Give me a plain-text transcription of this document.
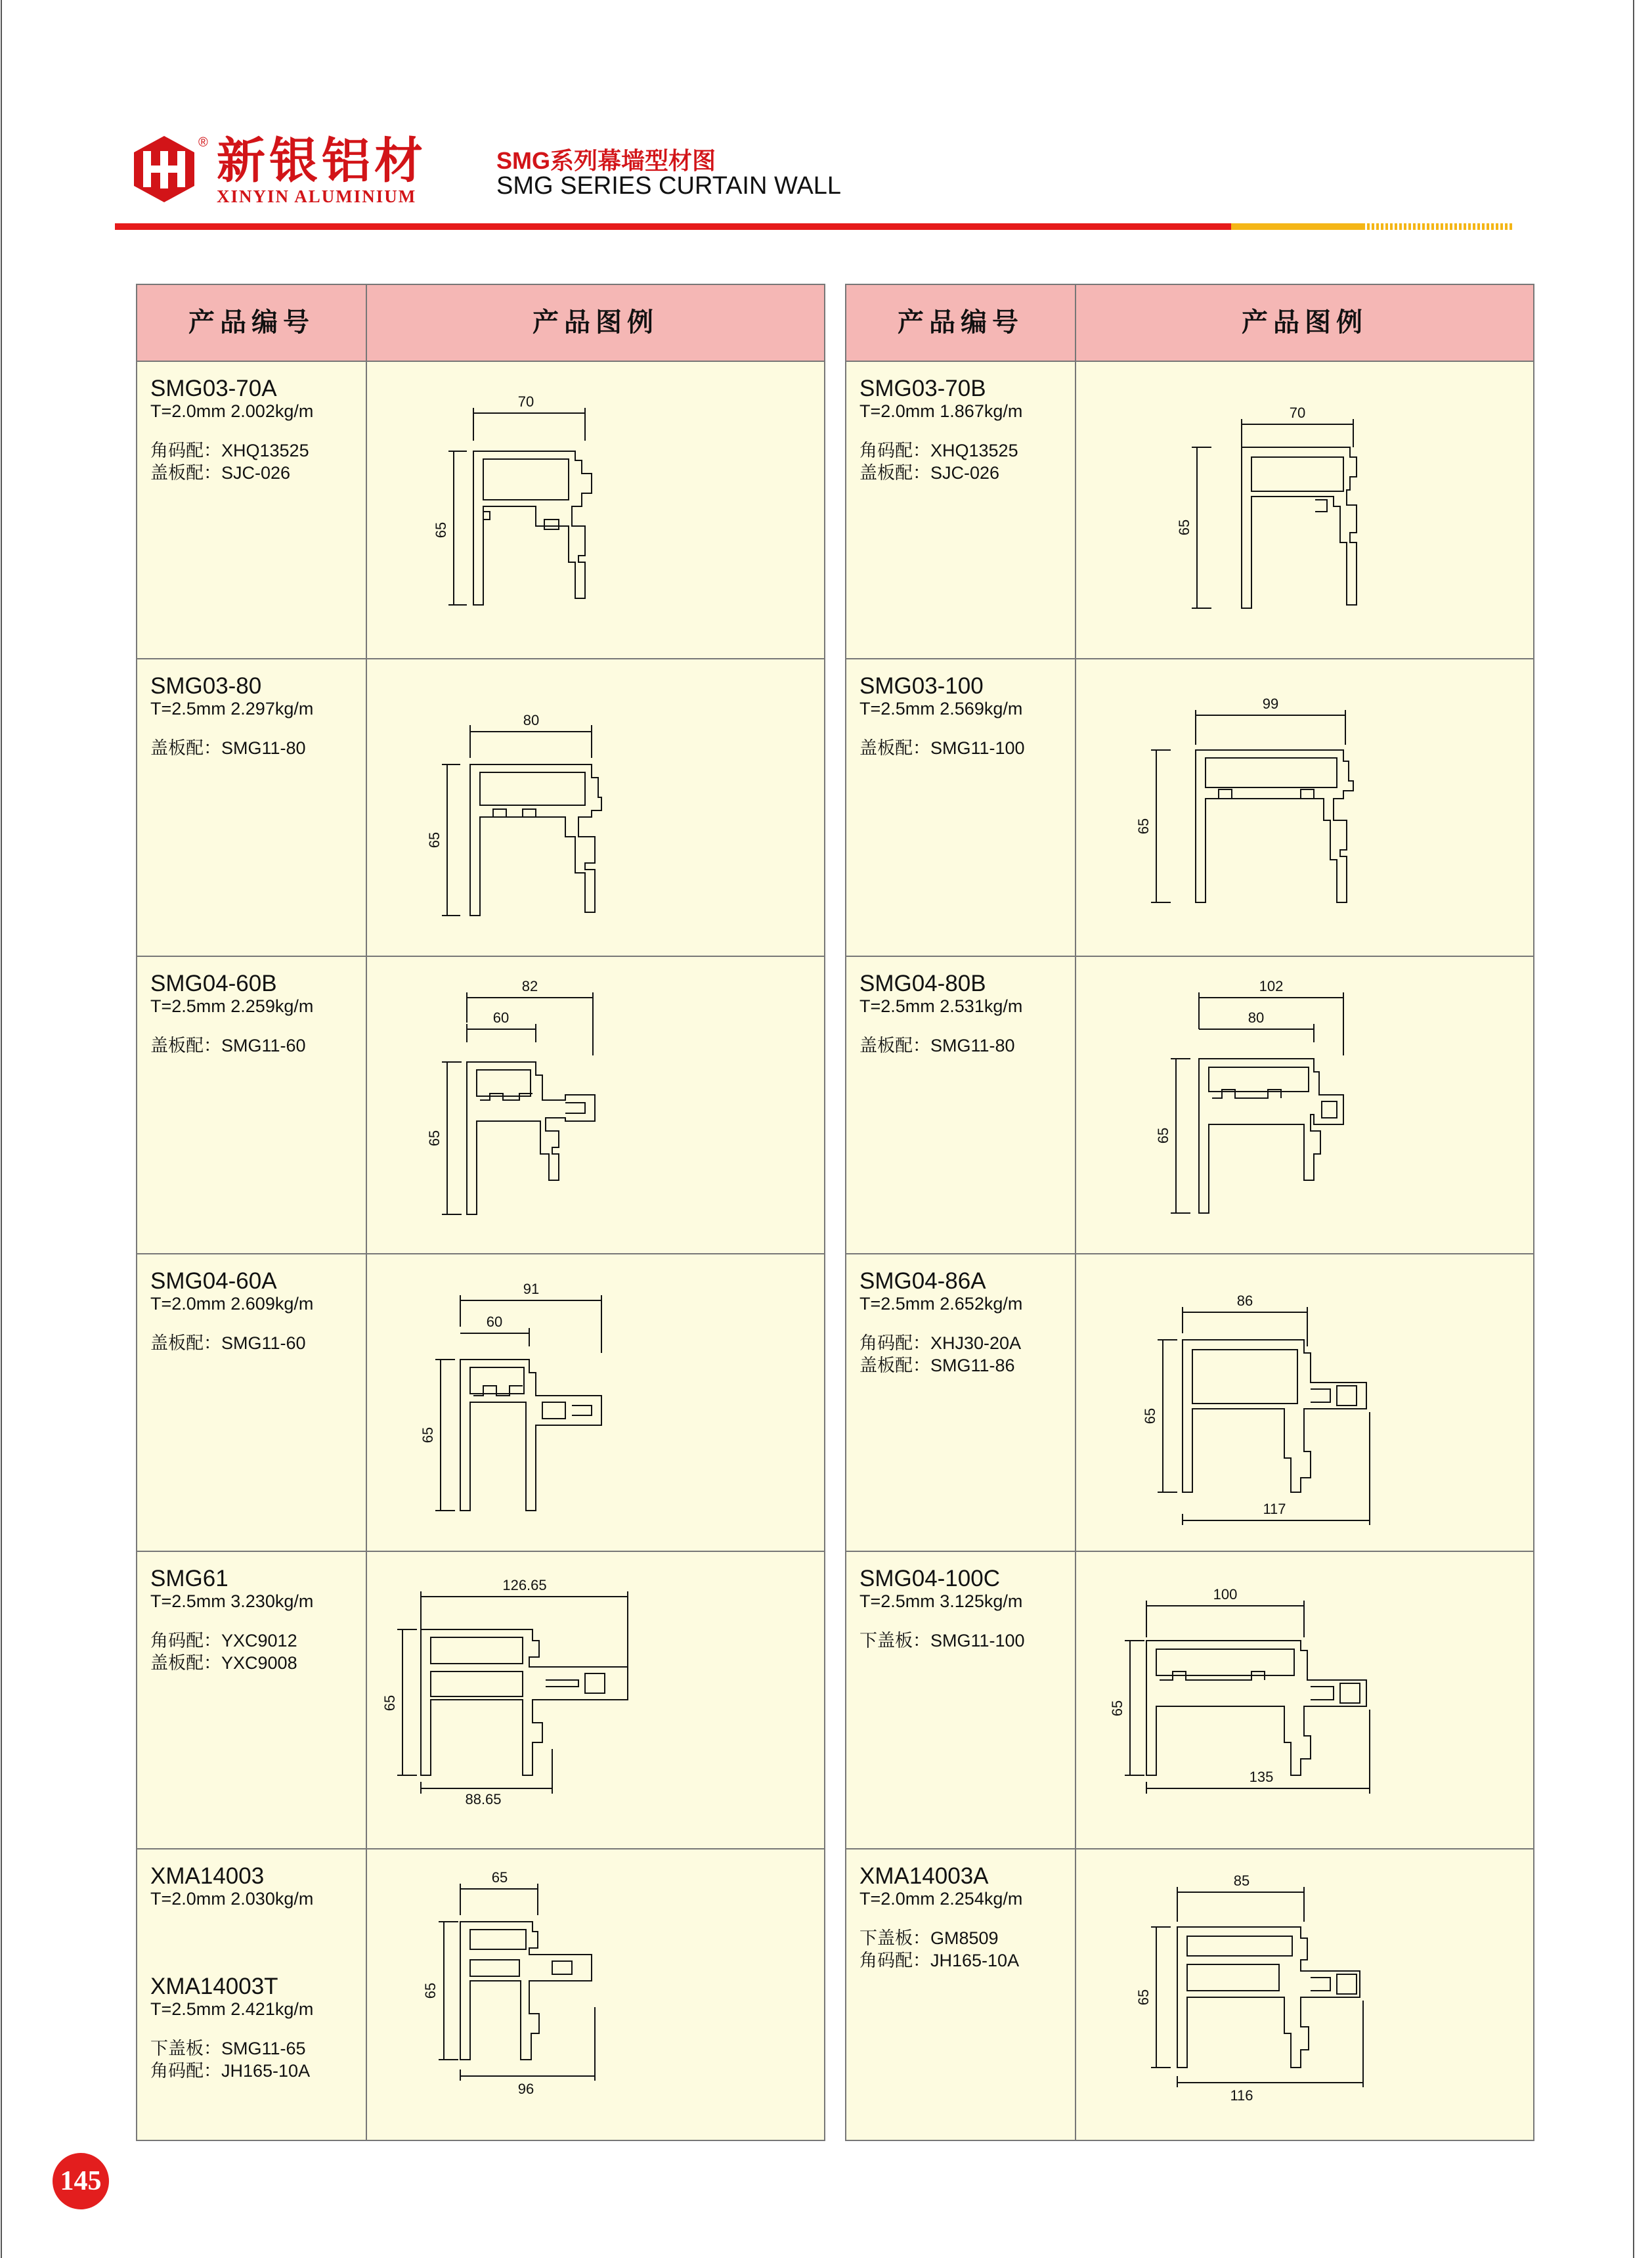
® 新银铝材
XINYIN ALUMINIUM
SMG系列幕墙型材图
SMG SERIES CURTAIN WALL
产品编号	产品图例
SMG03-70A
T=2.0mm 2.002kg/m
角码配：XHQ13525
盖板配：SJC-026
70
65
SMG03-80
T=2.5mm 2.297kg/m
盖板配：SMG11-80
80
65
SMG04-60B
T=2.5mm 2.259kg/m
盖板配：SMG11-60
82
60
65
SMG04-60A
T=2.0mm 2.609kg/m
盖板配：SMG11-60
91
60
65
SMG61
T=2.5mm 3.230kg/m
角码配：YXC9012
盖板配：YXC9008
126.65
65
88.65
XMA14003
T=2.0mm 2.030kg/m
XMA14003T
T=2.5mm 2.421kg/m
下盖板：SMG11-65
角码配：JH165-10A
65
65
96
产品编号	产品图例
SMG03-70B
T=2.0mm 1.867kg/m
角码配：XHQ13525
盖板配：SJC-026
70
65
SMG03-100
T=2.5mm 2.569kg/m
盖板配：SMG11-100
99
65
SMG04-80B
T=2.5mm 2.531kg/m
盖板配：SMG11-80
102
80
65
SMG04-86A
T=2.5mm 2.652kg/m
角码配：XHJ30-20A
盖板配：SMG11-86
86
65
117
SMG04-100C
T=2.5mm 3.125kg/m
下盖板：SMG11-100
100
65
135
XMA14003A
T=2.0mm 2.254kg/m
下盖板：GM8509
角码配：JH165-10A
85
65
116
145
